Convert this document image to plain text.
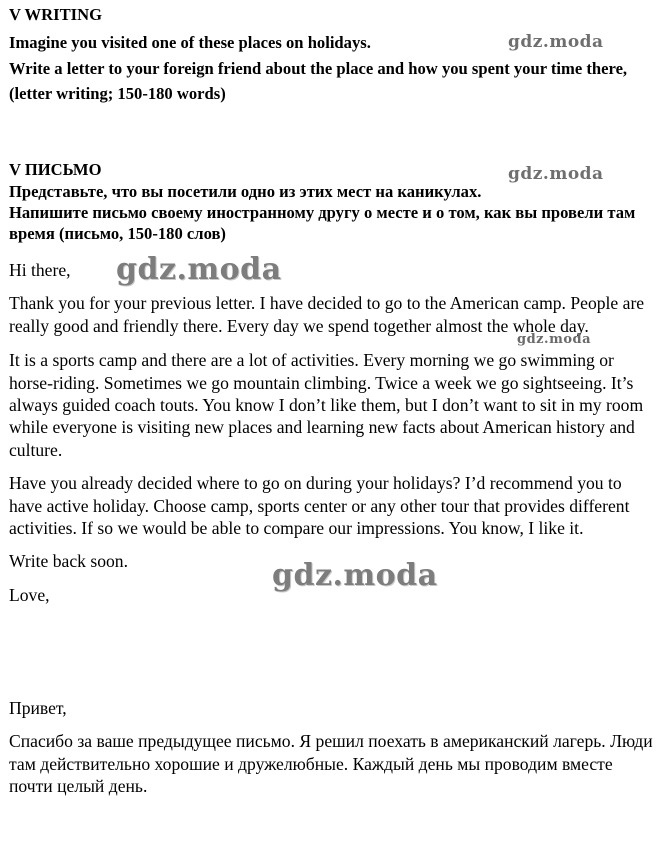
V WRITING

Imagine you visited one of these places on holidays.

Write a letter to your foreign friend about the place and how you spent your time there, (letter writing; 150-180 words)

V ПИСЬМО

Представьте, что вы посетили одно из этих мест на каникулах.

Напишите письмо своему иностранному другу о месте и о том, как вы провели там время (письмо, 150-180 слов)

Hi there,

Thank you for your previous letter. I have decided to go to the American camp. People are really good and friendly there. Every day we spend together almost the whole day.

It is a sports camp and there are a lot of activities. Every morning we go swimming or horse-riding. Sometimes we go mountain climbing. Twice a week we go sightseeing. It’s always guided coach touts. You know I don’t like them, but I don’t want to sit in my room while everyone is visiting new places and learning new facts about American history and culture.

Have you already decided where to go on during your holidays? I’d recommend you to have active holiday. Choose camp, sports center or any other tour that provides different activities. If so we would be able to compare our impressions. You know, I like it.

Write back soon.

Love,

Привет,

Спасибо за ваше предыдущее письмо. Я решил поехать в американский лагерь. Люди там действительно хорошие и дружелюбные. Каждый день мы проводим вместе почти целый день.

gdz.moda
gdz.moda
gdz.moda
gdz.moda
gdz.moda
